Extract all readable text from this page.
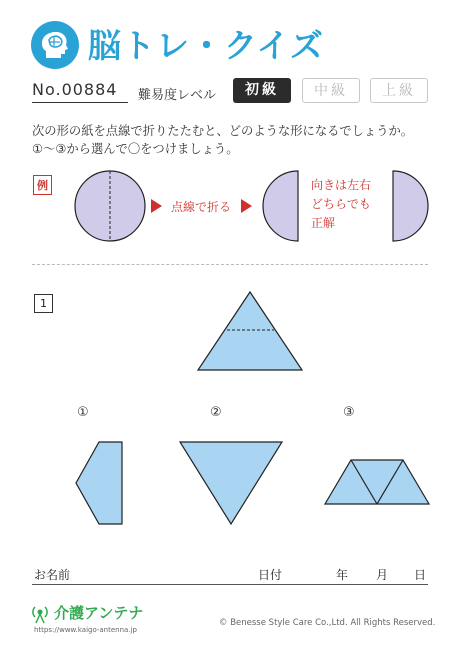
脳トレ・クイズ
No.00884 難易度レベル	初級	中級	上級
次の形の紙を点線で折りたたむと、どのような形になるでしょうか。
①～③から選んで〇をつけましょう。
例
点線で折る
向きは左右
どちらでも
正解
1
①	②	③
お名前	日付	年 月 日
介護アンテナ
https://www.kaigo-antenna.jp
© Benesse Style Care Co.,Ltd. All Rights Reserved.
